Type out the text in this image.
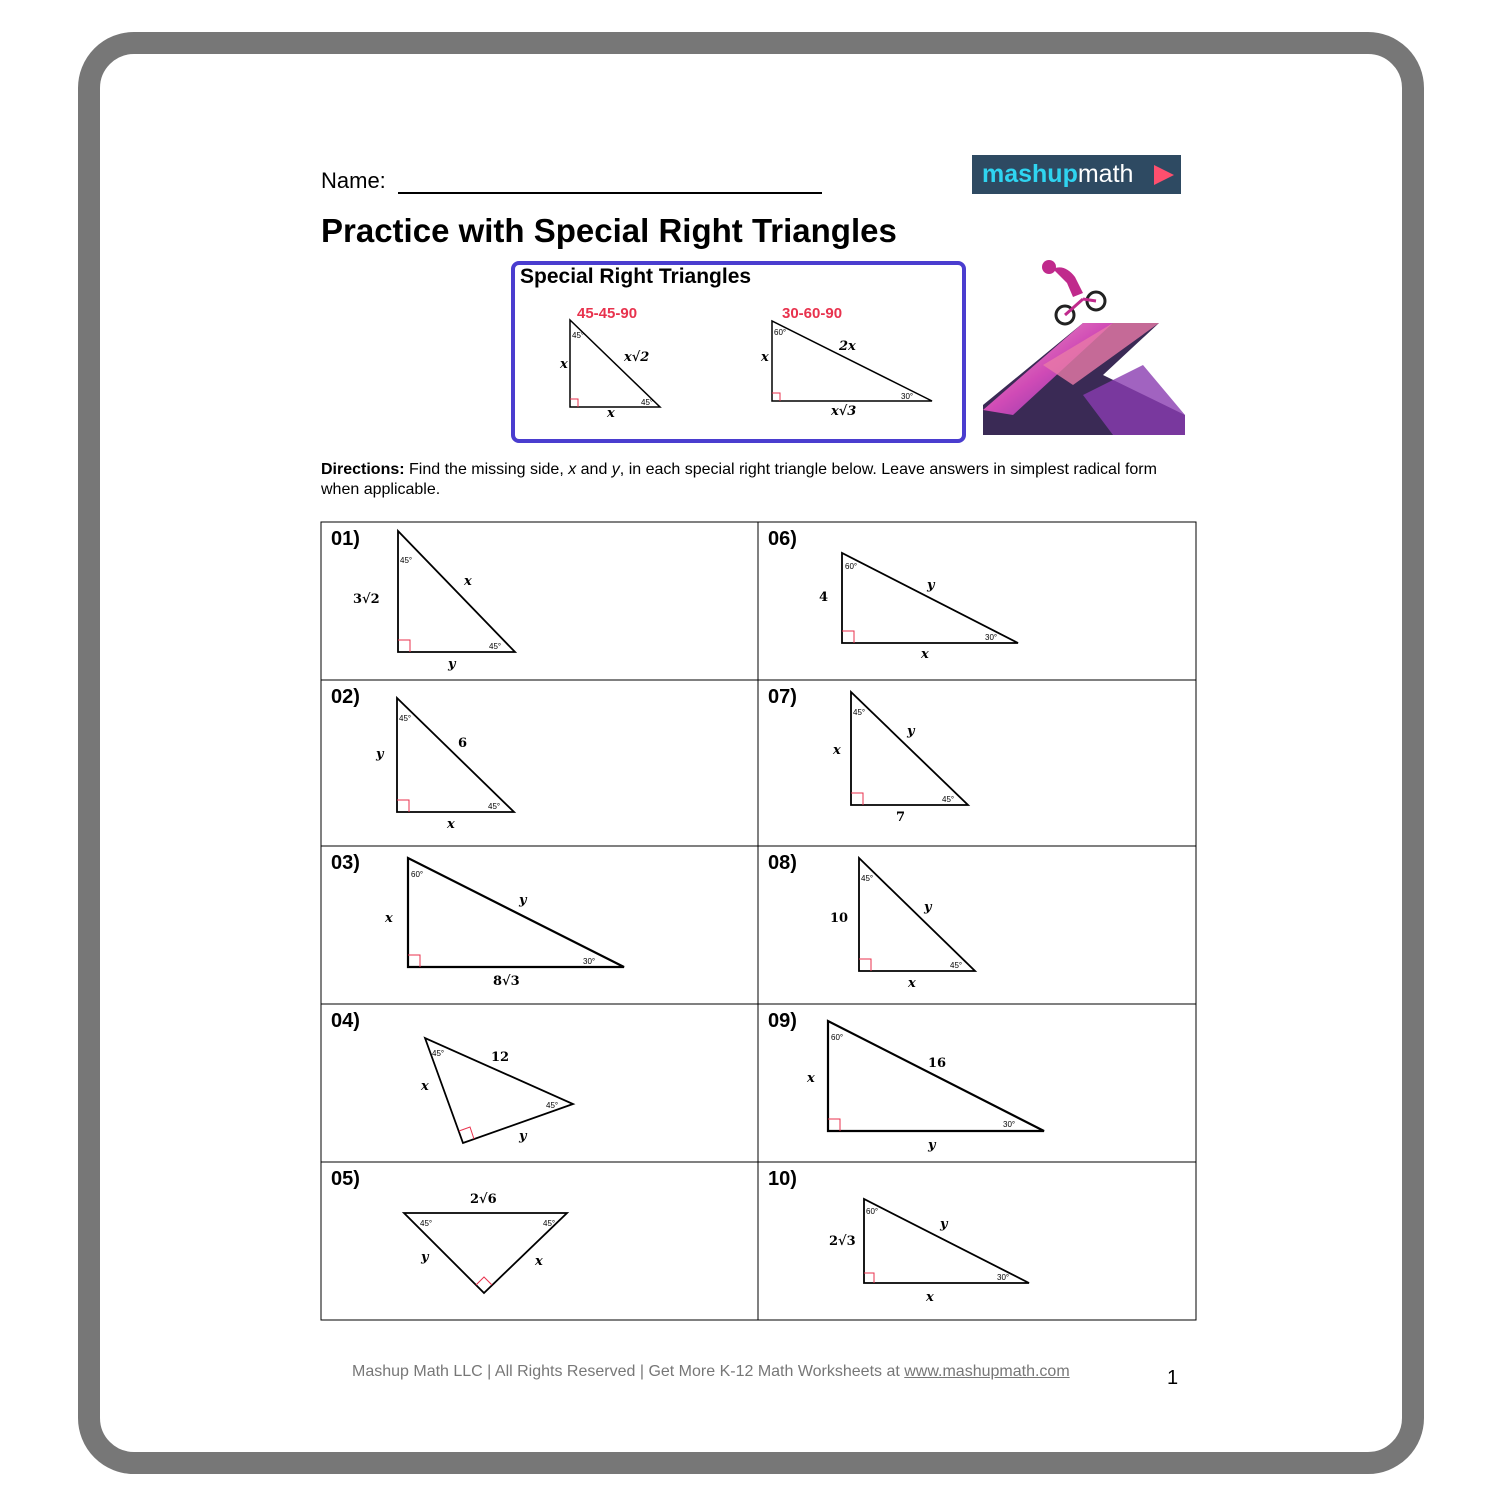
Name:	mashupmath
Practice with Special Right Triangles
Special Right Triangles
45-45-90
45°
45°
x
x
x√2
30-60-90
60°
30°
x
x√3
2x
Directions: Find the missing side, x and y, in each special right triangle below. Leave answers in simplest radical form when applicable.
01)
45°
45°
3√2
x
y
02)
45°
45°
y
6
x
03)
60°
30°
x
y
8√3
04)
45°
45°
x
12
y
05)
45°	45°
2√6
y	x
06)
60°
30°
4
y
x
07)
45°
45°
x
y
7
08)
45°
45°
10
y
x
09)
60°
30°
x
16
y
10)
60°
30°
2√3
y
x
Mashup Math LLC | All Rights Reserved | Get More K-12 Math Worksheets at www.mashupmath.com	1
